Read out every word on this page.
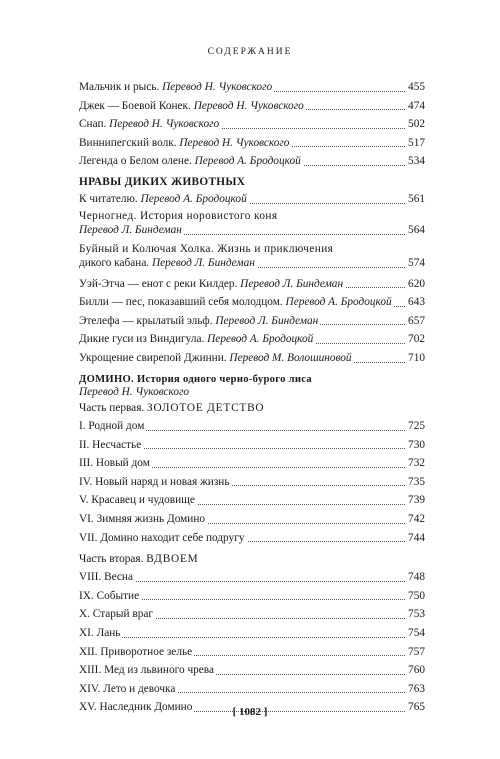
СОДЕРЖАНИЕ
Мальчик и рысь. Перевод Н. Чуковского	455
Джек — Боевой Конек. Перевод Н. Чуковского	474
Снап. Перевод Н. Чуковского	502
Виннипегский волк. Перевод Н. Чуковского	517
Легенда о Белом олене. Перевод А. Бродоцкой	534
НРАВЫ ДИКИХ ЖИВОТНЫХ
К читателю. Перевод А. Бродоцкой	561
Черногнед. История норовистого коня
Перевод Л. Биндеман	564
Буйный и Колючая Холка. Жизнь и приключения
дикого кабана. Перевод Л. Биндеман	574
Уэй-Этча — енот с реки Килдер. Перевод Л. Биндеман	620
Билли — пес, показавший себя молодцом. Перевод А. Бродоцкой 643
Этелефа — крылатый эльф. Перевод Л. Биндеман	657
Дикие гуси из Виндигула. Перевод А. Бродоцкой	702
Укрощение свирепой Джинни. Перевод М. Волошиновой	710
ДОМИНО. История одного черно-бурого лиса
Перевод Н. Чуковского
Часть первая. ЗОЛОТОЕ ДЕТСТВО
I. Родной дом	725
II. Несчастье	730
III. Новый дом	732
IV. Новый наряд и новая жизнь	735
V. Красавец и чудовище	739
VI. Зимняя жизнь Домино	742
VII. Домино находит себе подругу	744
Часть вторая. ВДВОЕМ
VIII. Весна	748
IX. Событие	750
X. Старый враг	753
XI. Лань	754
XII. Приворотное зелье	757
XIII. Мед из львиного чрева	760
XIV. Лето и девочка	763
XV. Наследник Домино	765
[ 1082 ]
